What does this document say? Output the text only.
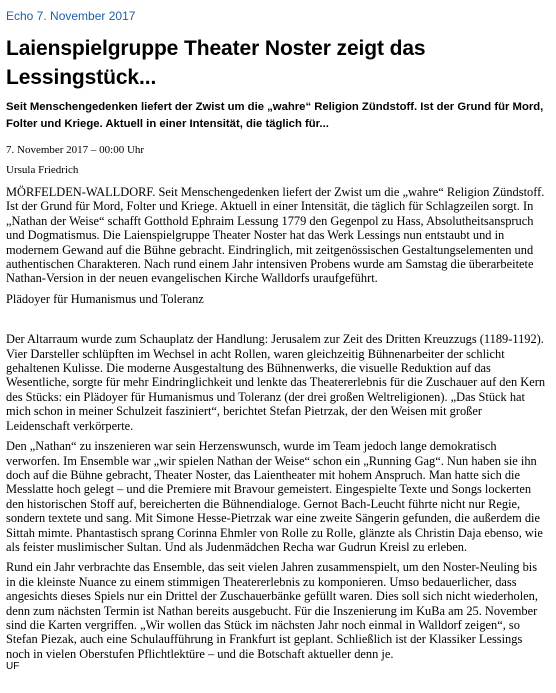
Echo 7. November 2017
Laienspielgruppe Theater Noster zeigt das Lessingstück...
Seit Menschengedenken liefert der Zwist um die „wahre“ Religion Zündstoff. Ist der Grund für Mord, Folter und Kriege. Aktuell in einer Intensität, die täglich für...
7. November 2017 – 00:00 Uhr
Ursula Friedrich

MÖRFELDEN-WALLDORF. Seit Menschengedenken liefert der Zwist um die „wahre“ Religion Zündstoff. Ist der Grund für Mord, Folter und Kriege. Aktuell in einer Intensität, die täglich für Schlagzeilen sorgt. In „Nathan der Weise“ schafft Gotthold Ephraim Lessung 1779 den Gegenpol zu Hass, Absolutheitsanspruch und Dogmatismus. Die Laienspielgruppe Theater Noster hat das Werk Lessings nun entstaubt und in modernem Gewand auf die Bühne gebracht. Eindringlich, mit zeitgenössischen Gestaltungselementen und authentischen Charakteren. Nach rund einem Jahr intensiven Probens wurde am Samstag die überarbeitete Nathan-Version in der neuen evangelischen Kirche Walldorfs uraufgeführt.

Plädoyer für Humanismus und Toleranz

Der Altarraum wurde zum Schauplatz der Handlung: Jerusalem zur Zeit des Dritten Kreuzzugs (1189-1192). Vier Darsteller schlüpften im Wechsel in acht Rollen, waren gleichzeitig Bühnenarbeiter der schlicht gehaltenen Kulisse. Die moderne Ausgestaltung des Bühnenwerks, die visuelle Reduktion auf das Wesentliche, sorgte für mehr Eindringlichkeit und lenkte das Theatererlebnis für die Zuschauer auf den Kern des Stücks: ein Plädoyer für Humanismus und Toleranz (der drei großen Weltreligionen). „Das Stück hat mich schon in meiner Schulzeit fasziniert“, berichtet Stefan Pietrzak, der den Weisen mit großer Leidenschaft verkörperte.

Den „Nathan“ zu inszenieren war sein Herzenswunsch, wurde im Team jedoch lange demokratisch verworfen. Im Ensemble war „wir spielen Nathan der Weise“ schon ein „Running Gag“. Nun haben sie ihn doch auf die Bühne gebracht, Theater Noster, das Laientheater mit hohem Anspruch. Man hatte sich die Messlatte hoch gelegt – und die Premiere mit Bravour gemeistert. Eingespielte Texte und Songs lockerten den historischen Stoff auf, bereicherten die Bühnendialoge. Gernot Bach-Leucht führte nicht nur Regie, sondern textete und sang. Mit Simone Hesse-Pietrzak war eine zweite Sängerin gefunden, die außerdem die Sittah mimte. Phantastisch sprang Corinna Ehmler von Rolle zu Rolle, glänzte als Christin Daja ebenso, wie als feister muslimischer Sultan. Und als Judenmädchen Recha war Gudrun Kreisl zu erleben.

Rund ein Jahr verbrachte das Ensemble, das seit vielen Jahren zusammenspielt, um den Noster-Neuling bis in die kleinste Nuance zu einem stimmigen Theatererlebnis zu komponieren. Umso bedauerlicher, dass angesichts dieses Spiels nur ein Drittel der Zuschauerbänke gefüllt waren. Dies soll sich nicht wiederholen, denn zum nächsten Termin ist Nathan bereits ausgebucht. Für die Inszenierung im KuBa am 25. November sind die Karten vergriffen. „Wir wollen das Stück im nächsten Jahr noch einmal in Walldorf zeigen“, so Stefan Piezak, auch eine Schulaufführung in Frankfurt ist geplant. Schließlich ist der Klassiker Lessings noch in vielen Oberstufen Pflichtlektüre – und die Botschaft aktueller denn je.

UF
